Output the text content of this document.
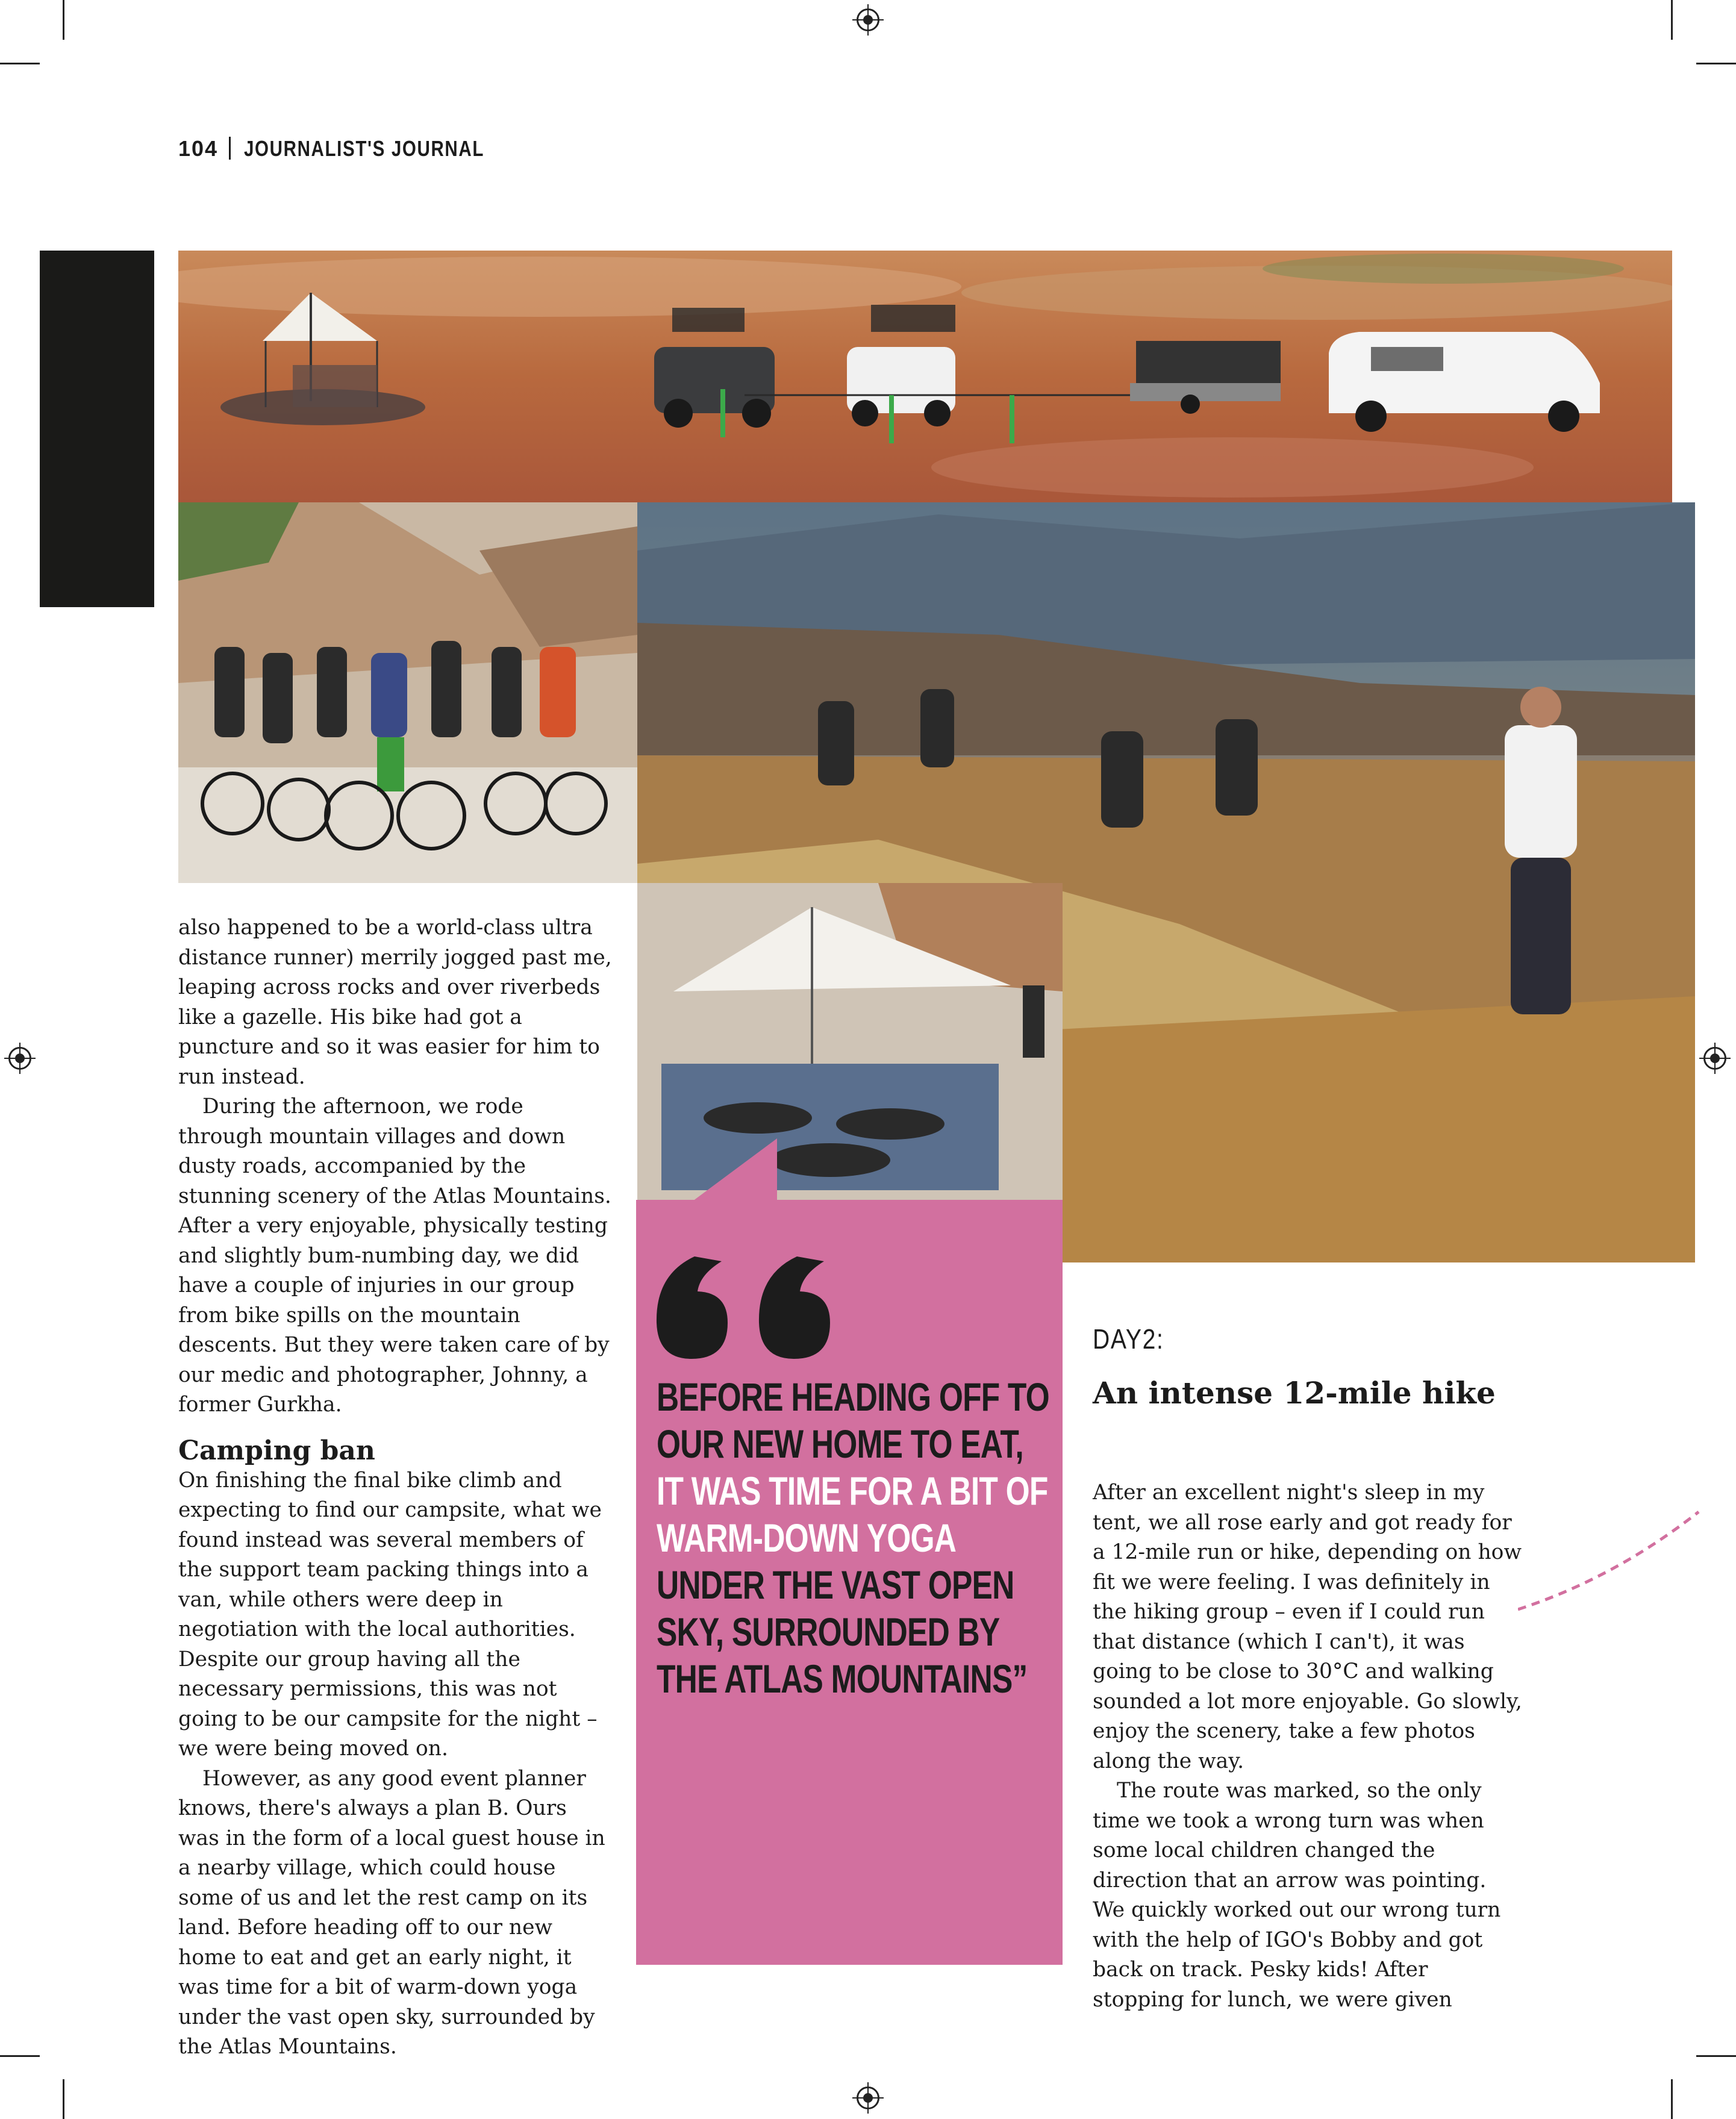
104 JOURNALIST'S JOURNAL

also happened to be a world-class ultra distance runner) merrily jogged past me, leaping across rocks and over riverbeds like a gazelle. His bike had got a puncture and so it was easier for him to run instead.

During the afternoon, we rode through mountain villages and down dusty roads, accompanied by the stunning scenery of the Atlas Mountains. After a very enjoyable, physically testing and slightly bum-numbing day, we did have a couple of injuries in our group from bike spills on the mountain descents. But they were taken care of by our medic and photographer, Johnny, a former Gurkha.

Camping ban

On finishing the final bike climb and expecting to find our campsite, what we found instead was several members of the support team packing things into a van, while others were deep in negotiation with the local authorities. Despite our group having all the necessary permissions, this was not going to be our campsite for the night – we were being moved on.

However, as any good event planner knows, there's always a plan B. Ours was in the form of a local guest house in a nearby village, which could house some of us and let the rest camp on its land. Before heading off to our new home to eat and get an early night, it was time for a bit of warm-down yoga under the vast open sky, surrounded by the Atlas Mountains.

BEFORE HEADING OFF TO OUR NEW HOME TO EAT, IT WAS TIME FOR A BIT OF WARM-DOWN YOGA UNDER THE VAST OPEN SKY, SURROUNDED BY THE ATLAS MOUNTAINS”
DAY2:
An intense 12-mile hike

After an excellent night's sleep in my tent, we all rose early and got ready for a 12-mile run or hike, depending on how fit we were feeling. I was definitely in the hiking group – even if I could run that distance (which I can't), it was going to be close to 30°C and walking sounded a lot more enjoyable. Go slowly, enjoy the scenery, take a few photos along the way.

The route was marked, so the only time we took a wrong turn was when some local children changed the direction that an arrow was pointing. We quickly worked out our wrong turn with the help of IGO's Bobby and got back on track. Pesky kids! After stopping for lunch, we were given
